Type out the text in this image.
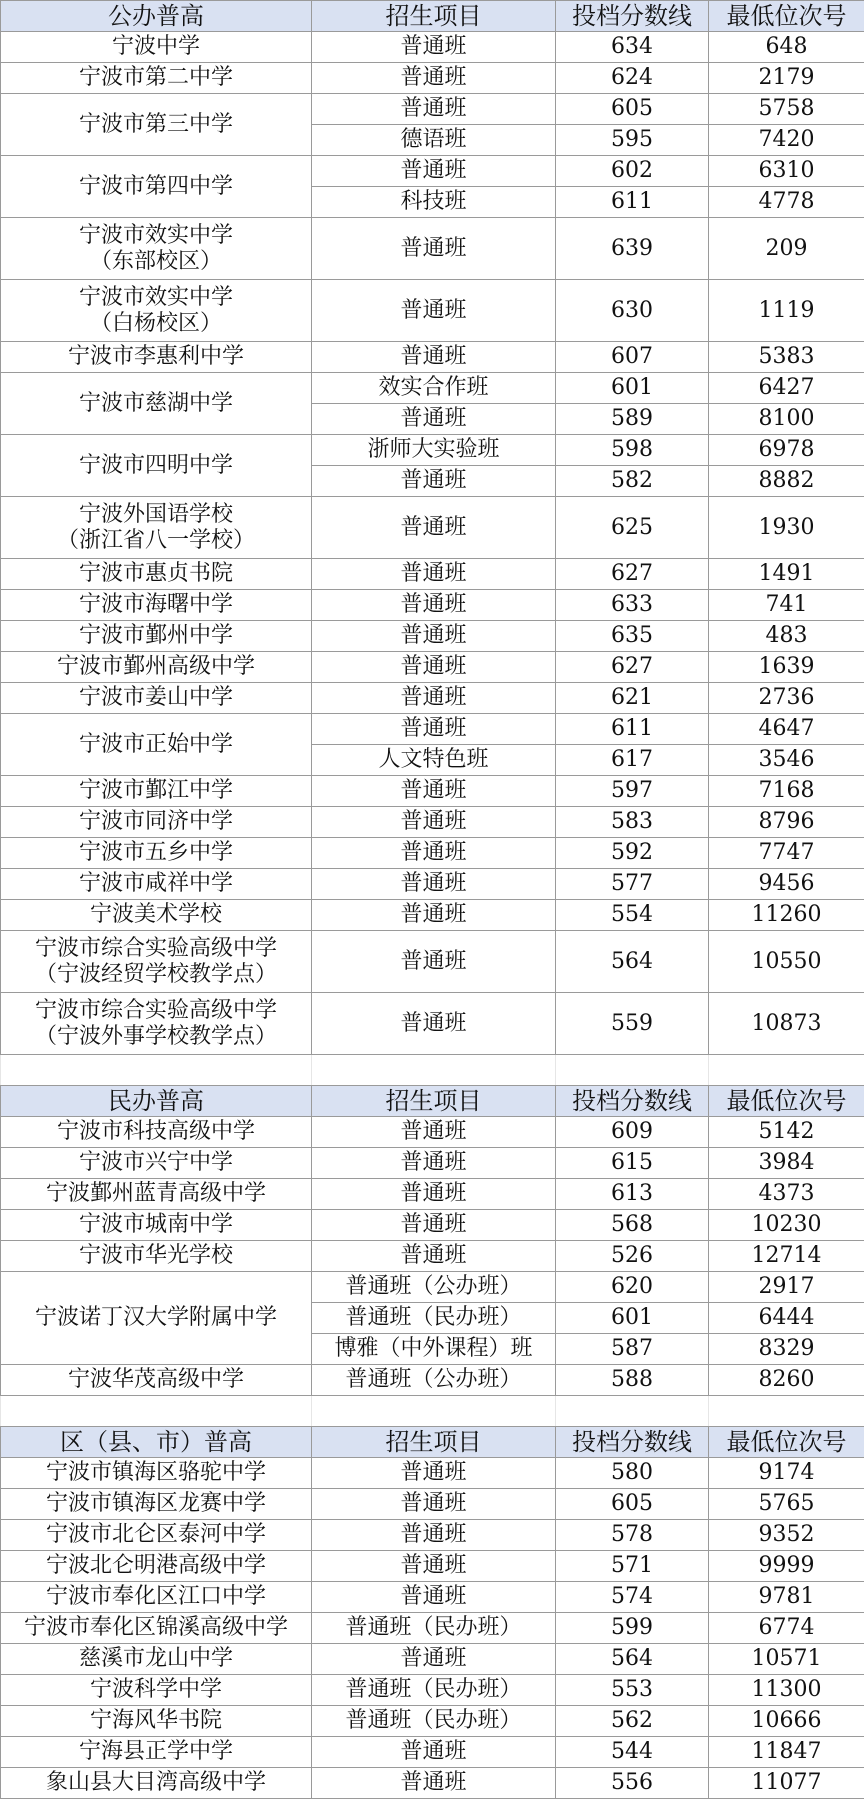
公办普高	招生项目	投档分数线	最低位次号

宁波中学	普通班	634	648

宁波市第二中学	普通班	624	2179

宁波市第三中学	普通班	605	5758
	德语班	595	7420

宁波市第四中学	普通班	602	6310
	科技班	611	4778

宁波市效实中学
（东部校区）	普通班	639	209

宁波市效实中学
（白杨校区）	普通班	630	1119

宁波市李惠利中学	普通班	607	5383

宁波市慈湖中学	效实合作班	601	6427
	普通班	589	8100

宁波市四明中学	浙师大实验班	598	6978
	普通班	582	8882

宁波外国语学校
（浙江省八一学校）	普通班	625	1930

宁波市惠贞书院	普通班	627	1491

宁波市海曙中学	普通班	633	741

宁波市鄞州中学	普通班	635	483

宁波市鄞州高级中学	普通班	627	1639

宁波市姜山中学	普通班	621	2736

宁波市正始中学	普通班	611	4647
	人文特色班	617	3546

宁波市鄞江中学	普通班	597	7168

宁波市同济中学	普通班	583	8796

宁波市五乡中学	普通班	592	7747

宁波市咸祥中学	普通班	577	9456

宁波美术学校	普通班	554	11260

宁波市综合实验高级中学
（宁波经贸学校教学点）	普通班	564	10550

宁波市综合实验高级中学
（宁波外事学校教学点）	普通班	559	10873

民办普高	招生项目	投档分数线	最低位次号

宁波市科技高级中学	普通班	609	5142

宁波市兴宁中学	普通班	615	3984

宁波鄞州蓝青高级中学	普通班	613	4373

宁波市城南中学	普通班	568	10230

宁波市华光学校	普通班	526	12714

宁波诺丁汉大学附属中学	普通班（公办班）	620	2917
	普通班（民办班）	601	6444
	博雅（中外课程）班	587	8329

宁波华茂高级中学	普通班（公办班）	588	8260

区（县、市）普高	招生项目	投档分数线	最低位次号

宁波市镇海区骆驼中学	普通班	580	9174

宁波市镇海区龙赛中学	普通班	605	5765

宁波市北仑区泰河中学	普通班	578	9352

宁波北仑明港高级中学	普通班	571	9999

宁波市奉化区江口中学	普通班	574	9781

宁波市奉化区锦溪高级中学	普通班（民办班）	599	6774

慈溪市龙山中学	普通班	564	10571

宁波科学中学	普通班（民办班）	553	11300

宁海风华书院	普通班（民办班）	562	10666

宁海县正学中学	普通班	544	11847

象山县大目湾高级中学	普通班	556	11077
